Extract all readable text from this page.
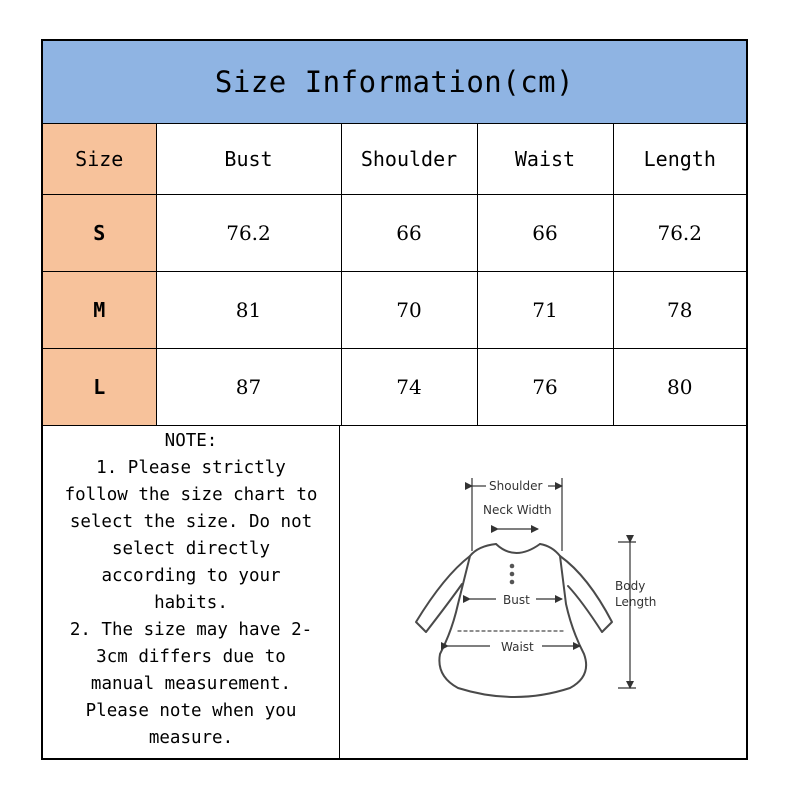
Size Information(cm)
Size	Bust	Shoulder	Waist	Length
S	76.2	66	66	76.2
M	81	70	71	78
L	87	74	76	80
NOTE:
1. Please strictly
follow the size chart to
select the size. Do not
select directly
according to your
habits.
2. The size may have 2-
3cm differs due to
manual measurement.
Please note when you
measure.
Shoulder
Neck Width
Bust
Waist
Body
Length
